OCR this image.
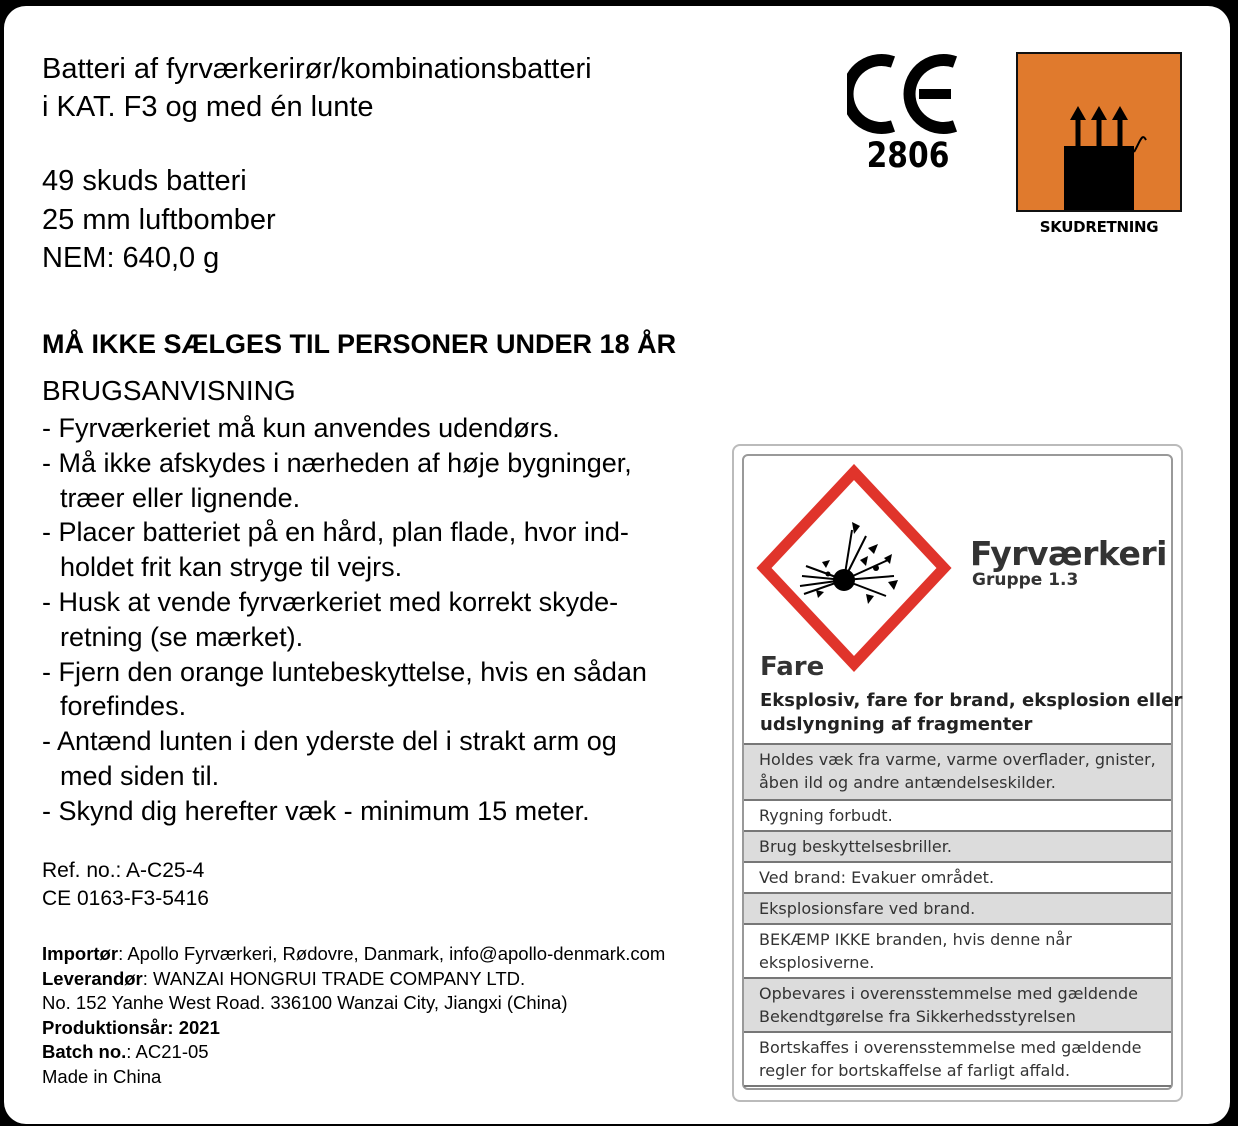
Batteri af fyrværkerirør/kombinationsbatteri
i KAT. F3 og med én lunte
49 skuds batteri
25 mm luftbomber
NEM: 640,0 g
MÅ IKKE SÆLGES TIL PERSONER UNDER 18 ÅR
BRUGSANVISNING
- Fyrværkeriet må kun anvendes udendørs.
- Må ikke afskydes i nærheden af høje bygninger,
træer eller lignende.
- Placer batteriet på en hård, plan flade, hvor ind-
holdet frit kan stryge til vejrs.
- Husk at vende fyrværkeriet med korrekt skyde-
retning (se mærket).
- Fjern den orange luntebeskyttelse, hvis en sådan
forefindes.
- Antænd lunten i den yderste del i strakt arm og
med siden til.
- Skynd dig herefter væk - minimum 15 meter.
Ref. no.: A-C25-4
CE 0163-F3-5416
Importør: Apollo Fyrværkeri, Rødovre, Danmark, info@apollo-denmark.com
Leverandør: WANZAI HONGRUI TRADE COMPANY LTD.
No. 152 Yanhe West Road. 336100 Wanzai City, Jiangxi (China)
Produktionsår: 2021
Batch no.: AC21-05
Made in China
2806
SKUDRETNING
Fyrværkeri
Gruppe 1.3
Fare
Eksplosiv, fare for brand, eksplosion eller
udslyngning af fragmenter
Holdes væk fra varme, varme overflader, gnister,
åben ild og andre antændelseskilder.
Rygning forbudt.
Brug beskyttelsesbriller.
Ved brand: Evakuer området.
Eksplosionsfare ved brand.
BEKÆMP IKKE branden, hvis denne når
eksplosiverne.
Opbevares i overensstemmelse med gældende
Bekendtgørelse fra Sikkerhedsstyrelsen
Bortskaffes i overensstemmelse med gældende
regler for bortskaffelse af farligt affald.
